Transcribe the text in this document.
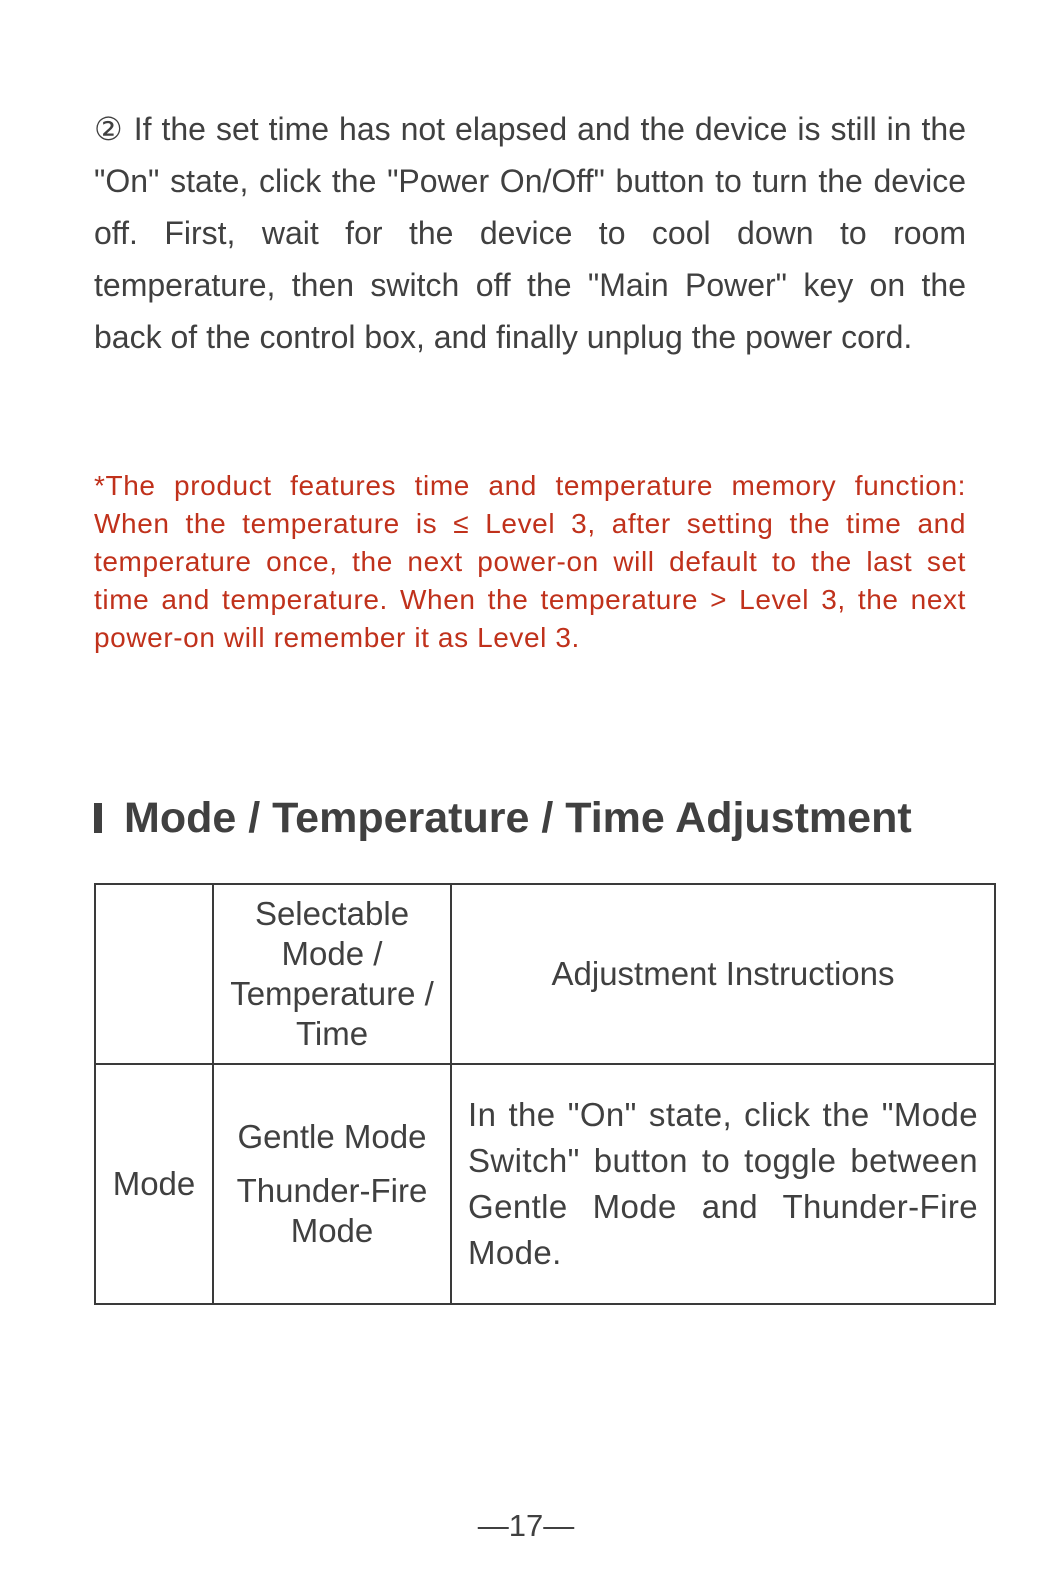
② If the set time has not elapsed and the device is still in the "On" state, click the "Power On/Off" button to turn the device off. First, wait for the device to cool down to room temperature, then switch off the "Main Power" key on the back of the control box, and finally unplug the power cord.

*The product features time and temperature memory function: When the temperature is ≤ Level 3, after setting the time and temperature once, the next power-on will default to the last set time and temperature. When the temperature > Level 3, the next power-on will remember it as Level 3.

Mode / Temperature / Time Adjustment

	Selectable
Mode /
Temperature /
Time	Adjustment Instructions
Mode	Gentle Mode
Thunder-Fire
Mode	In the "On" state, click the "Mode Switch" button to toggle between Gentle Mode and Thunder-Fire Mode.
—17—
